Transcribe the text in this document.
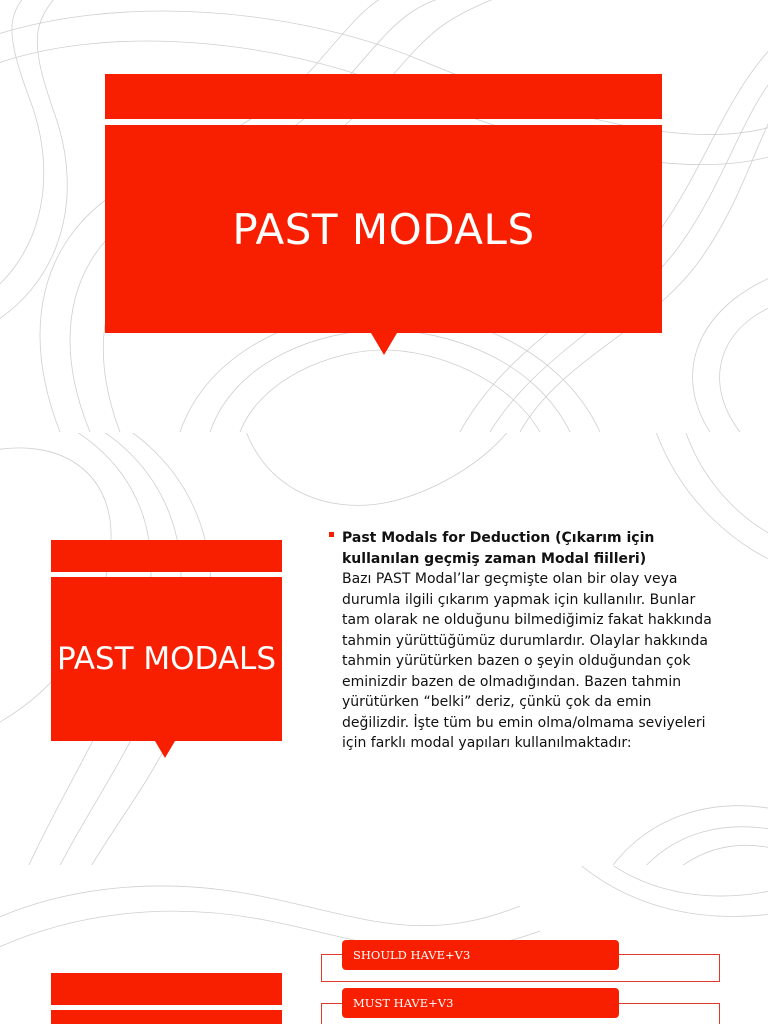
PAST MODALS
PAST MODALS
Past Modals for Deduction (Çıkarım için kullanılan geçmiş zaman Modal fiilleri)
Bazı PAST Modal’lar geçmişte olan bir olay veya durumla ilgili çıkarım yapmak için kullanılır. Bunlar tam olarak ne olduğunu bilmediğimiz fakat hakkında tahmin yürüttüğümüz durumlardır. Olaylar hakkında tahmin yürütürken bazen o şeyin olduğundan çok eminizdir bazen de olmadığından. Bazen tahmin yürütürken “belki” deriz, çünkü çok da emin değilizdir. İşte tüm bu emin olma/olmama seviyeleri için farklı modal yapıları kullanılmaktadır:
SHOULD HAVE+V3
MUST HAVE+V3
